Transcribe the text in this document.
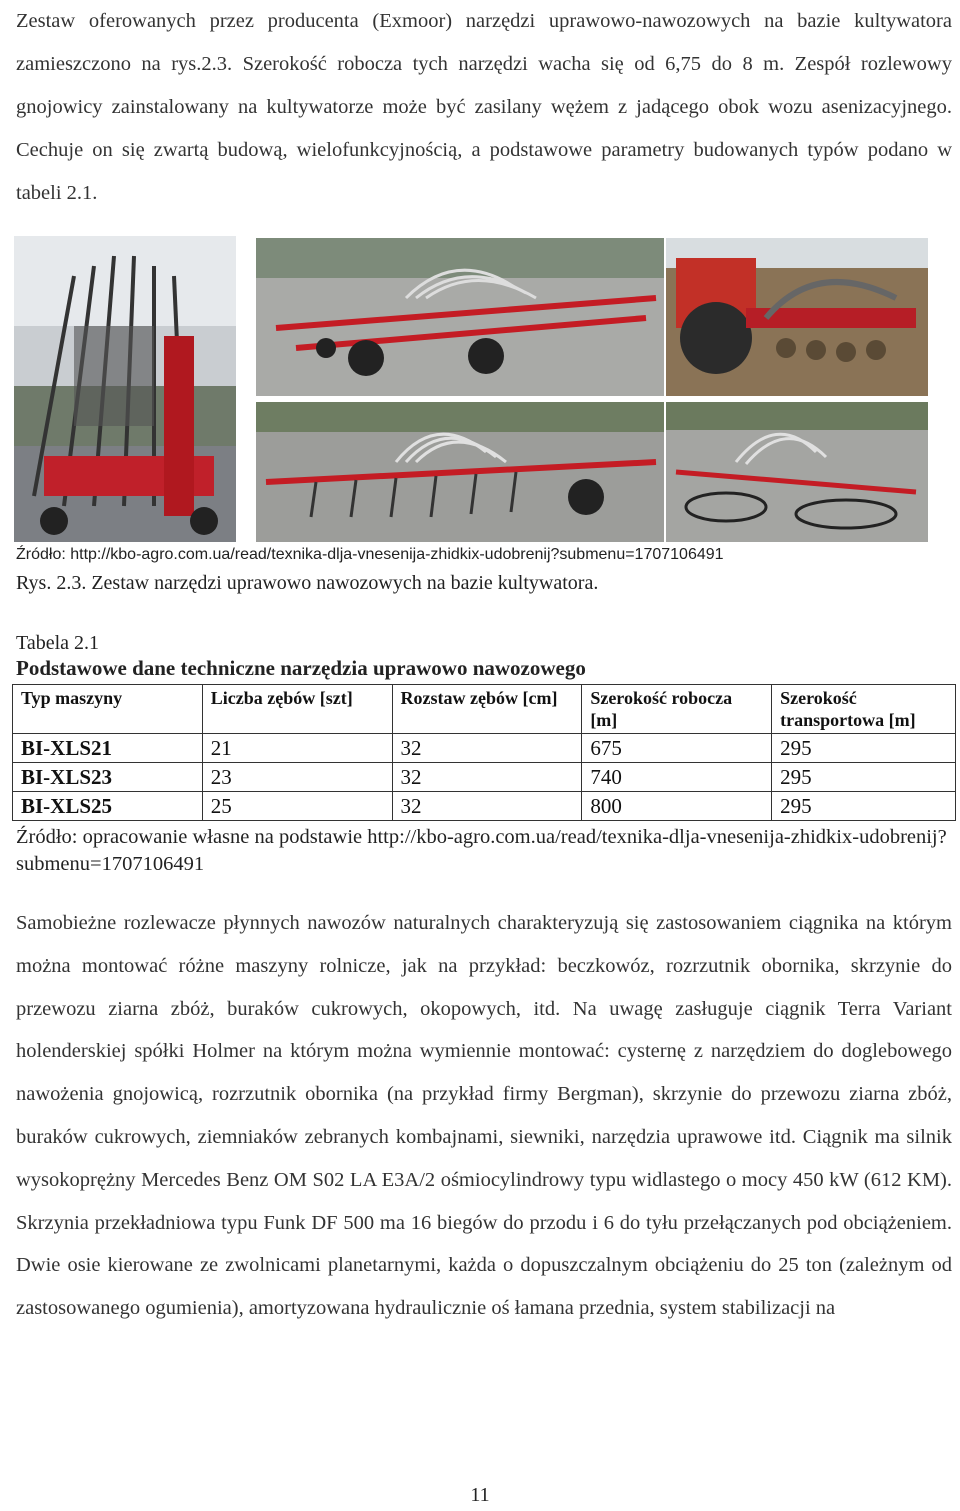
Zestaw oferowanych przez producenta (Exmoor) narzędzi uprawowo-nawozowych na bazie kultywatora zamieszczono na rys.2.3. Szerokość robocza tych narzędzi wacha się od 6,75 do 8 m. Zespół rozlewowy gnojowicy zainstalowany na kultywatorze może być zasilany wężem z jadącego obok wozu asenizacyjnego. Cechuje on się zwartą budową, wielofunkcyjnością, a podstawowe parametry budowanych typów podano w tabeli 2.1.

Źródło: http://kbo-agro.com.ua/read/texnika-dlja-vnesenija-zhidkix-udobrenij?submenu=1707106491
Rys. 2.3. Zestaw narzędzi uprawowo nawozowych na bazie kultywatora.
Tabela 2.1
Podstawowe dane techniczne narzędzia uprawowo nawozowego
Typ maszyny	Liczba zębów [szt]	Rozstaw zębów [cm]	Szerokość robocza [m]	Szerokość transportowa [m]
BI-XLS21	21	32	675	295
BI-XLS23	23	32	740	295
BI-XLS25	25	32	800	295
Źródło: opracowanie własne na podstawie http://kbo-agro.com.ua/read/texnika-dlja-vnesenija-zhidkix-udobrenij?submenu=1707106491

Samobieżne rozlewacze płynnych nawozów naturalnych charakteryzują się zastosowaniem ciągnika na którym można montować różne maszyny rolnicze, jak na przykład: beczkowóz, rozrzutnik obornika, skrzynie do przewozu ziarna zbóż, buraków cukrowych, okopowych, itd. Na uwagę zasługuje ciągnik Terra Variant holenderskiej spółki Holmer na którym można wymiennie montować: cysternę z narzędziem do doglebowego nawożenia gnojowicą, rozrzutnik obornika (na przykład firmy Bergman), skrzynie do przewozu ziarna zbóż, buraków cukrowych, ziemniaków zebranych kombajnami, siewniki, narzędzia uprawowe itd. Ciągnik ma silnik wysokoprężny Mercedes Benz OM S02 LA E3A/2 ośmiocylindrowy typu widlastego o mocy 450 kW (612 KM). Skrzynia przekładniowa typu Funk DF 500 ma 16 biegów do przodu i 6 do tyłu przełączanych pod obciążeniem. Dwie osie kierowane ze zwolnicami planetarnymi, każda o dopuszczalnym obciążeniu do 25 ton (zależnym od zastosowanego ogumienia), amortyzowana hydraulicznie oś łamana przednia, system stabilizacji na

11
